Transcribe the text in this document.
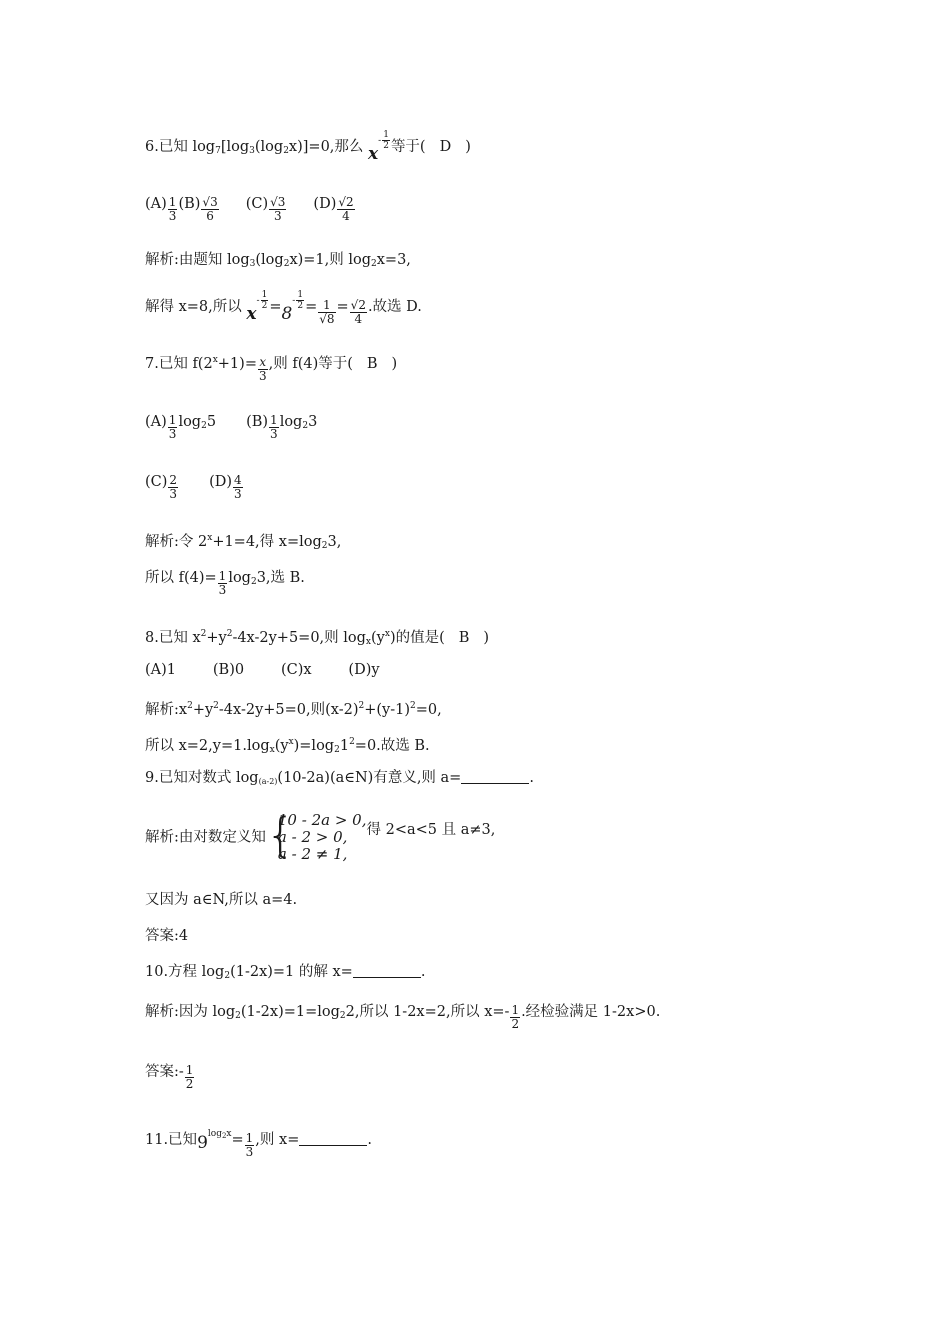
6.已知 $\log_7[\log_3(\log_2x)]=0$,那么 $x- \frac{1}{2}$ 等于( D )
$(A) \frac{1}{3} (B) \frac{√3}{6} (C) \frac{√3}{3} (D) \frac{√2}{4}$
解析:由题知 $\log_3(\log_2x)=1$,则 $\log_2x=3$,
解得 x=8,所以 $x- \frac{1}{2} =8- \frac{1}{2} = \frac{1}{√8} = \frac{√2}{4}$ .故选 D.
7.已知 $f(2^x+1)= \frac{x}{3}$ ,则 f(4)等于( B )
$(A) \frac{1}{3} \log_25$ $(B) \frac{1}{3} \log_23$
$(C) \frac{2}{3} (D) \frac{4}{3}$
解析:令 $2^x+1=4$,得 $x=\log_23$,
所以 $f(4)= \frac{1}{3} \log_23$,选 B.
8.已知 $x^2+y^2-4x-2y+5=0$,则 $\log_x(y^x)$的值是( B )
(A)1        (B)0        (C)x        (D)y
解析$:x^2+y^2-4x-2y+5=0$,则$(x-2)^2+(y-1)^2=0$,
所以 $x=2,y=1.\log_x(y^x)=\log_21^2=0$.故选 B.
9.已知对数式 $\log_{(a-2)}(10-2a)(a\in N)$有意义,则 a=	.
解析:由对数定义知 {
10 - 2a > 0,
a - 2 > 0,
a - 2 ≠ 1,
得 2<a<5 且 a≠3,
又因为 a∈N,所以 a=4.
答案:4
10.方程 $\log_2(1-2x)=1$ 的解 x=	.
解析:因为 $\log_2(1-2x)=1=\log_22$,所以 1-2x=2,所以 $x=- \frac{1}{2}$ .经检验满足 1-2x>0.
答案:- $\frac{1}{2}$
11.已知$9\log_2x= \frac{1}{3}$ ,则 x=	.
